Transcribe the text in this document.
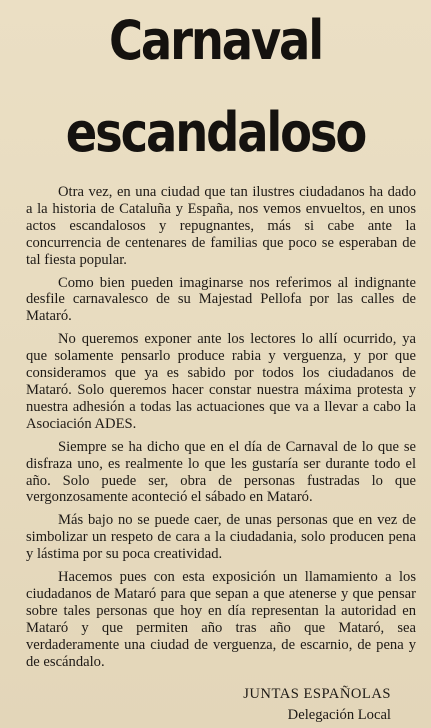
Carnaval
escandaloso

Otra vez, en una ciudad que tan ilustres ciudadanos ha dado a la historia de Cataluña y España, nos vemos envueltos, en unos actos escandalosos y repugnantes, más si cabe ante la concurrencia de centenares de familias que poco se esperaban de tal fiesta popular.

Como bien pueden imaginarse nos referimos al indignante desfile carnavalesco de su Majestad Pellofa por las calles de Mataró.

No queremos exponer ante los lectores lo allí ocurrido, ya que solamente pensarlo produce rabia y verguenza, y por que consideramos que ya es sabido por todos los ciudadanos de Mataró. Solo queremos hacer constar nuestra máxima protesta y nuestra adhesión a todas las actuaciones que va a llevar a cabo la Asociación ADES.

Siempre se ha dicho que en el día de Carnaval de lo que se disfraza uno, es realmente lo que les gustaría ser durante todo el año. Solo puede ser, obra de personas fustradas lo que vergonzosamente aconteció el sábado en Mataró.

Más bajo no se puede caer, de unas personas que en vez de simbolizar un respeto de cara a la ciudadania, solo producen pena y lástima por su poca creatividad.

Hacemos pues con esta exposición un llamamiento a los ciudadanos de Mataró para que sepan a que atenerse y que pensar sobre tales personas que hoy en día representan la autoridad en Mataró y que permiten año tras año que Mataró, sea verdaderamente una ciudad de verguenza, de escarnio, de pena y de escándalo.

JUNTAS ESPAÑOLAS
Delegación Local
